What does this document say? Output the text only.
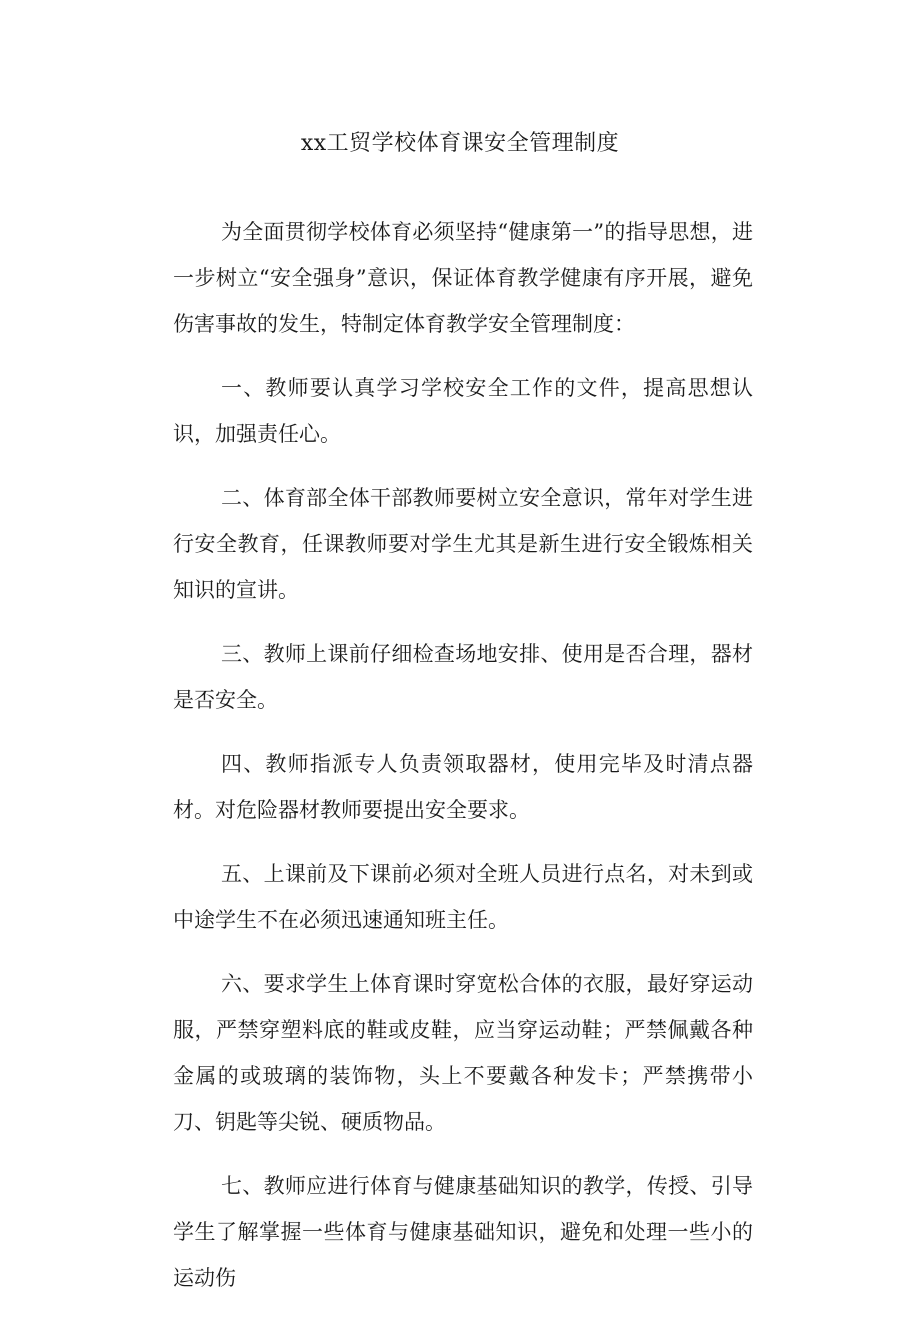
xx工贸学校体育课安全管理制度

为全面贯彻学校体育必须坚持“健康第一”的指导思想，进一步树立“安全强身”意识，保证体育教学健康有序开展，避免伤害事故的发生，特制定体育教学安全管理制度：

一、教师要认真学习学校安全工作的文件，提高思想认识，加强责任心。

二、体育部全体干部教师要树立安全意识，常年对学生进行安全教育，任课教师要对学生尤其是新生进行安全锻炼相关知识的宣讲。

三、教师上课前仔细检查场地安排、使用是否合理，器材是否安全。

四、教师指派专人负责领取器材，使用完毕及时清点器材。对危险器材教师要提出安全要求。

五、上课前及下课前必须对全班人员进行点名，对未到或中途学生不在必须迅速通知班主任。

六、要求学生上体育课时穿宽松合体的衣服，最好穿运动服，严禁穿塑料底的鞋或皮鞋，应当穿运动鞋；严禁佩戴各种金属的或玻璃的装饰物，头上不要戴各种发卡；严禁携带小刀、钥匙等尖锐、硬质物品。

七、教师应进行体育与健康基础知识的教学，传授、引导学生了解掌握一些体育与健康基础知识，避免和处理一些小的运动伤
